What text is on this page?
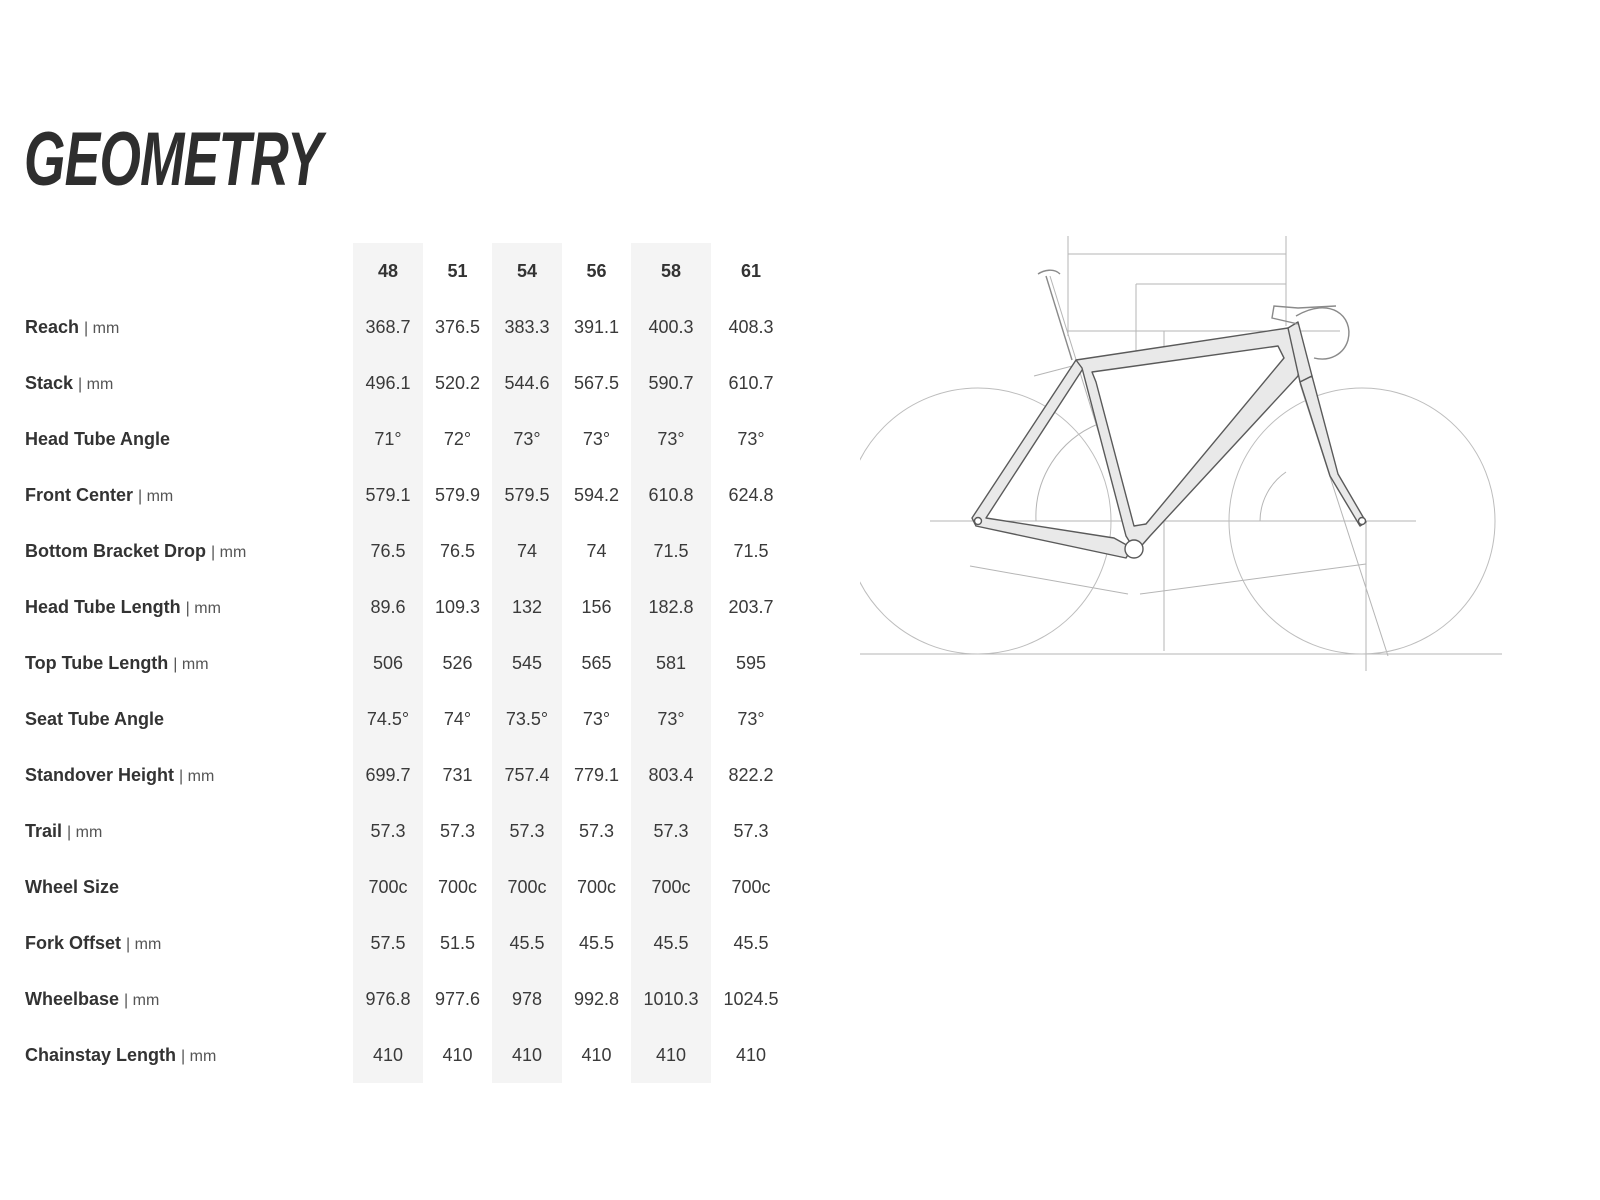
GEOMETRY
	48	51	54	56	58	61
Reach | mm	368.7	376.5	383.3	391.1	400.3	408.3
Stack | mm	496.1	520.2	544.6	567.5	590.7	610.7
Head Tube Angle	71°	72°	73°	73°	73°	73°
Front Center | mm	579.1	579.9	579.5	594.2	610.8	624.8
Bottom Bracket Drop | mm	76.5	76.5	74	74	71.5	71.5
Head Tube Length | mm	89.6	109.3	132	156	182.8	203.7
Top Tube Length | mm	506	526	545	565	581	595
Seat Tube Angle	74.5°	74°	73.5°	73°	73°	73°
Standover Height | mm	699.7	731	757.4	779.1	803.4	822.2
Trail | mm	57.3	57.3	57.3	57.3	57.3	57.3
Wheel Size	700c	700c	700c	700c	700c	700c
Fork Offset | mm	57.5	51.5	45.5	45.5	45.5	45.5
Wheelbase | mm	976.8	977.6	978	992.8	1010.3	1024.5
Chainstay Length | mm	410	410	410	410	410	410
